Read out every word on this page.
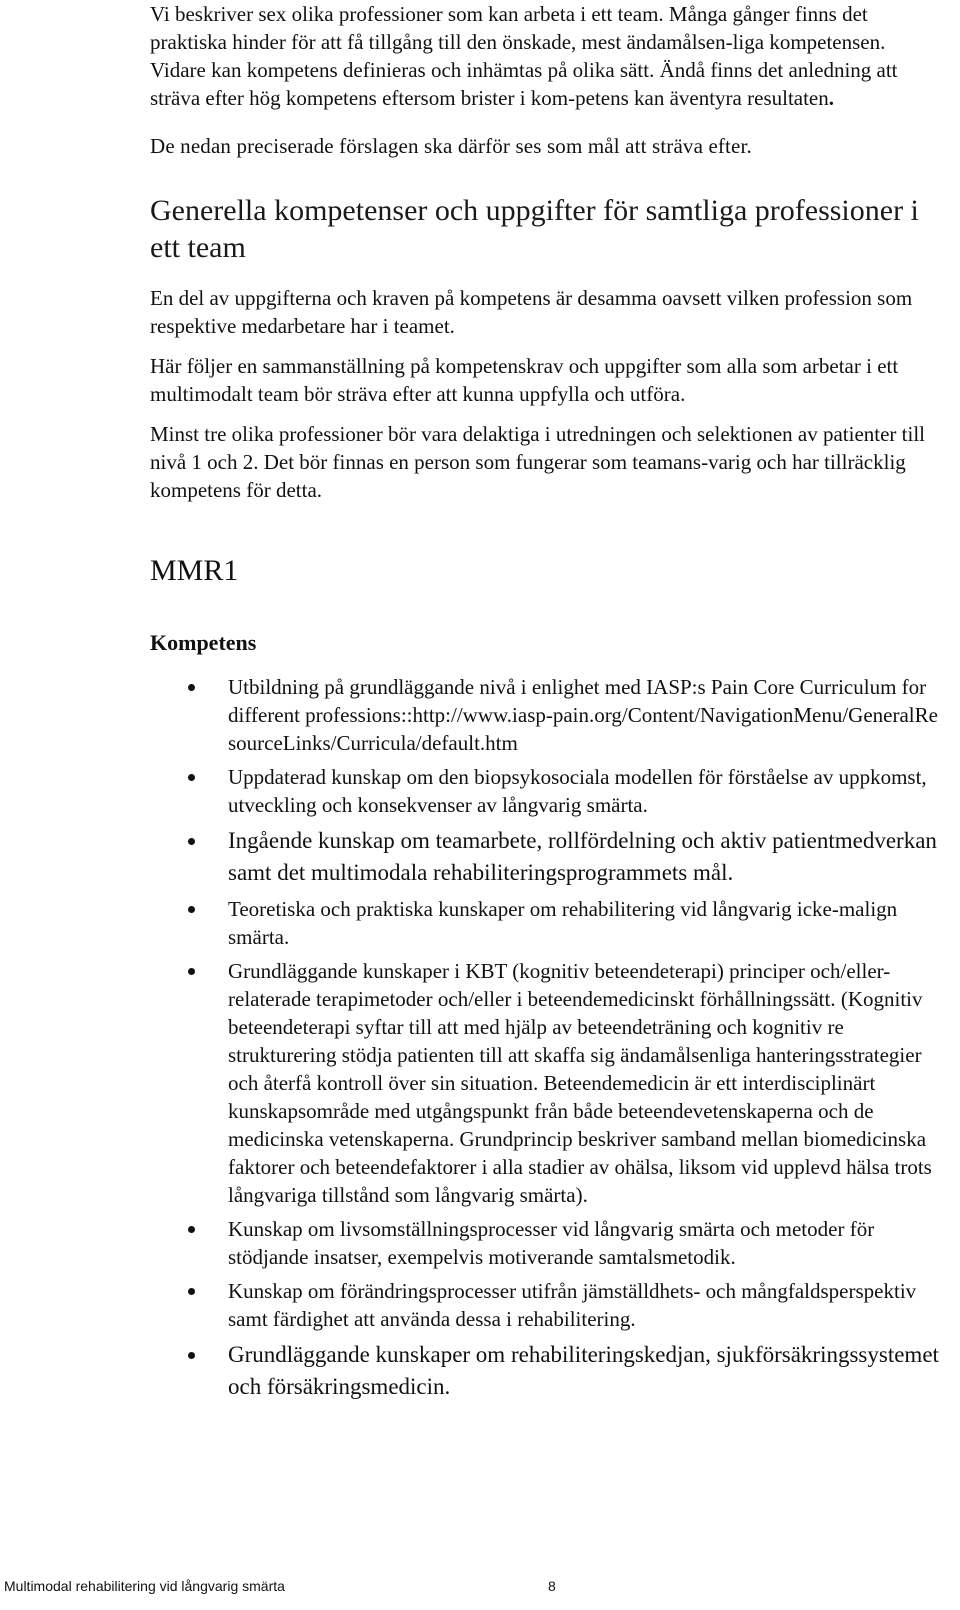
Vi beskriver sex olika professioner som kan arbeta i ett team. Många gånger finns det praktiska hinder för att få tillgång till den önskade, mest ändamålsen-liga kompetensen. Vidare kan kompetens definieras och inhämtas på olika sätt. Ändå finns det anledning att sträva efter hög kompetens eftersom brister i kom-petens kan äventyra resultaten.

De nedan preciserade förslagen ska därför ses som mål att sträva efter.

Generella kompetenser och uppgifter för samtliga professioner i ett team

En del av uppgifterna och kraven på kompetens är desamma oavsett vilken profession som respektive medarbetare har i teamet.

Här följer en sammanställning på kompetenskrav och uppgifter som alla som arbetar i ett multimodalt team bör sträva efter att kunna uppfylla och utföra.

Minst tre olika professioner bör vara delaktiga i utredningen och selektionen av patienter till nivå 1 och 2. Det bör finnas en person som fungerar som teamans-varig och har tillräcklig kompetens för detta.

MMR1
Kompetens
Utbildning på grundläggande nivå i enlighet med IASP:s Pain Core Curriculum for different professions::http://www.iasp-pain.org/Content/NavigationMenu/GeneralResourceLinks/Curricula/default.htm
Uppdaterad kunskap om den biopsykosociala modellen för förståelse av uppkomst, utveckling och konsekvenser av långvarig smärta.
Ingående kunskap om teamarbete, rollfördelning och aktiv patientmedverkan samt det multimodala rehabiliteringsprogrammets mål.
Teoretiska och praktiska kunskaper om rehabilitering vid långvarig icke-malign smärta.
Grundläggande kunskaper i KBT (kognitiv beteendeterapi) principer och/eller-relaterade terapimetoder och/eller i beteendemedicinskt förhållningssätt. (Kognitiv beteendeterapi syftar till att med hjälp av beteendeträning och kognitiv re strukturering stödja patienten till att skaffa sig ändamålsenliga hanteringsstrategier och återfå kontroll över sin situation. Beteendemedicin är ett interdisciplinärt kunskapsområde med utgångspunkt från både beteendevetenskaperna och de medicinska vetenskaperna. Grundprincip beskriver samband mellan biomedicinska faktorer och beteendefaktorer i alla stadier av ohälsa, liksom vid upplevd hälsa trots långvariga tillstånd som långvarig smärta).
Kunskap om livsomställningsprocesser vid långvarig smärta och metoder för stödjande insatser, exempelvis motiverande samtalsmetodik.
Kunskap om förändringsprocesser utifrån jämställdhets- och mångfaldsperspektiv samt färdighet att använda dessa i rehabilitering.
Grundläggande kunskaper om rehabiliteringskedjan, sjukförsäkringssystemet och försäkringsmedicin.
Multimodal rehabilitering vid långvarig smärta	8
